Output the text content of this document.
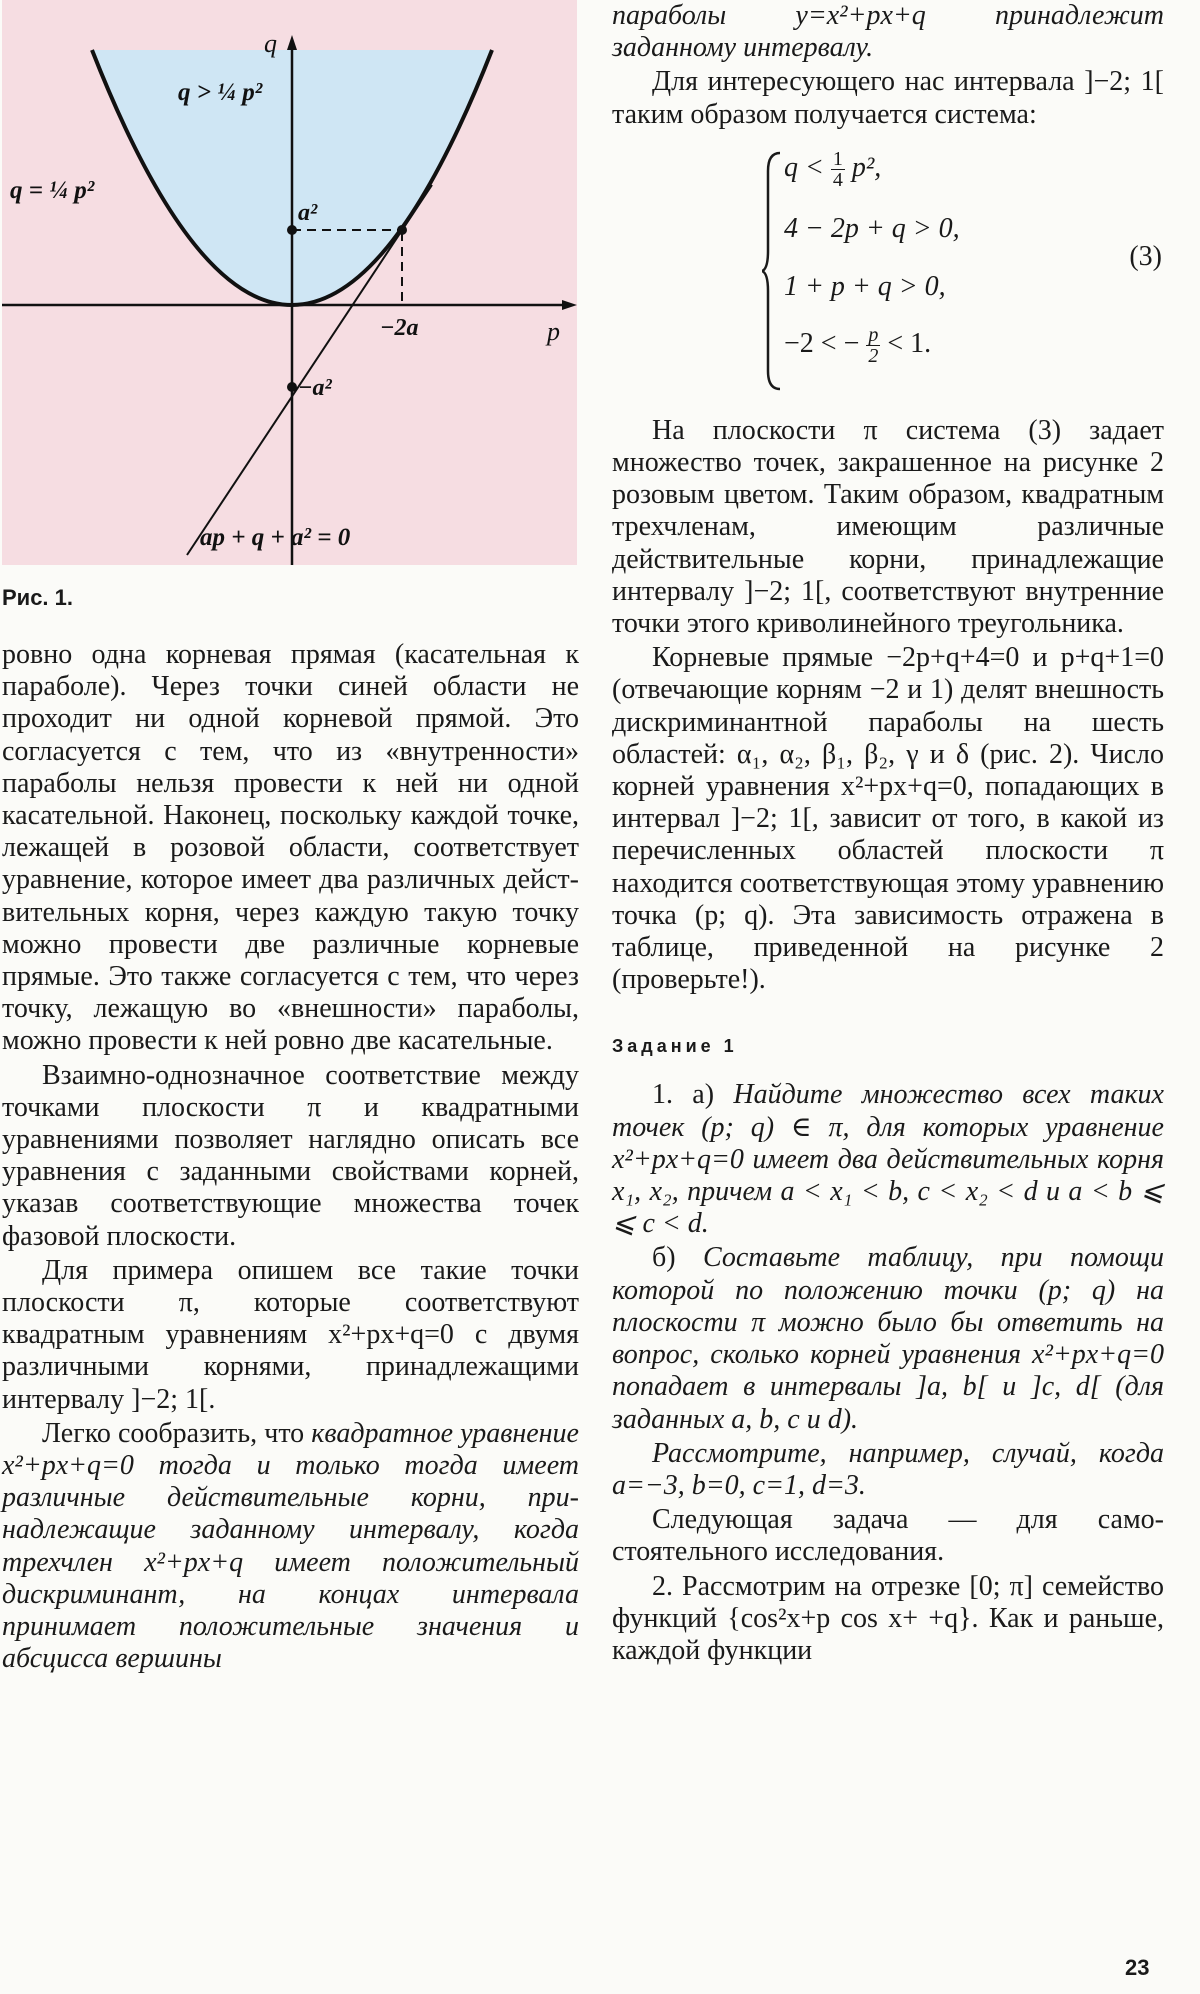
q
p
q > ¼ p²
q = ¼ p²
a²
−a²
−2a
ap + q + a² = 0
Рис. 1.

ровно одна корневая прямая (касательная к параболе). Через точки синей области не проходит ни одной корневой прямой. Это согласуется с тем, что из «внутренности» параболы нельзя провести к ней ни одной касательной. Наконец, поскольку каждой точке, лежащей в розовой области, соответствует уравнение, которое имеет два различных действительных корня, через каждую такую точку можно провести две различные корневые прямые. Это также согласуется с тем, что через точку, лежащую во «внешности» параболы, можно провести к ней ровно две касательные.

Взаимно-однозначное соответствие между точками плоскости π и квадратными уравнениями позволяет наглядно описать все уравнения с заданными свойствами корней, указав соответствующие множества точек фазовой плоскости.

Для примера опишем все такие точки плоскости π, которые соответствуют квадратным уравнениям x²+px+q=0 с двумя различными корнями, принадлежащими интервалу ]−2; 1[.

Легко сообразить, что квадратное уравнение x²+px+q=0 тогда и только тогда имеет различные действительные корни, принадлежащие заданному интервалу, когда трехчлен x²+px+q имеет положительный дискриминант, на концах интервала принимает положительные значения и абсцисса вершины

параболы y=x²+px+q принадлежит заданному интервалу.

Для интересующего нас интервала ]−2; 1[ таким образом получается система:

$q < \frac{1}{4} p^2$,
4 − 2p + q > 0,
1 + p + q > 0,
−2 < − $\frac{p}{2} < 1$.
(3)

На плоскости π система (3) задает множество точек, закрашенное на рисунке 2 розовым цветом. Таким образом, квадратным трехчленам, имеющим различные действительные корни, принадлежащие интервалу ]−2; 1[, соответствуют внутренние точки этого криволинейного треугольника.

Корневые прямые −2p+q+4=0 и p+q+1=0 (отвечающие корням −2 и 1) делят внешность дискриминантной параболы на шесть областей: α₁, α₂, β₁, β₂, γ и δ (рис. 2). Число корней уравнения x²+px+q=0, попадающих в интервал ]−2; 1[, зависит от того, в какой из перечисленных областей плоскости π находится соответствующая этому уравнению точка (p; q). Эта зависимость отражена в таблице, приведенной на рисунке 2 (проверьте!).

Задание 1

1. а) Найдите множество всех таких точек (p; q) ∈ π, для которых уравнение x²+px+q=0 имеет два действительных корня x₁, x₂, причем a < x₁ < b, c < x₂ < d и a < b ⩽ ⩽ c < d.

б) Составьте таблицу, при помощи которой по положению точки (p; q) на плоскости π можно было бы ответить на вопрос, сколько корней уравнения x²+px+q=0 попадает в интервалы ]a, b[ и ]c, d[ (для заданных a, b, c и d).

Рассмотрите, например, случай, когда a=−3, b=0, c=1, d=3.

Следующая задача — для самостоятельного исследования.

2. Рассмотрим на отрезке [0; π] семейство функций {cos²x+p cos x+ +q}. Как и раньше, каждой функции

23
